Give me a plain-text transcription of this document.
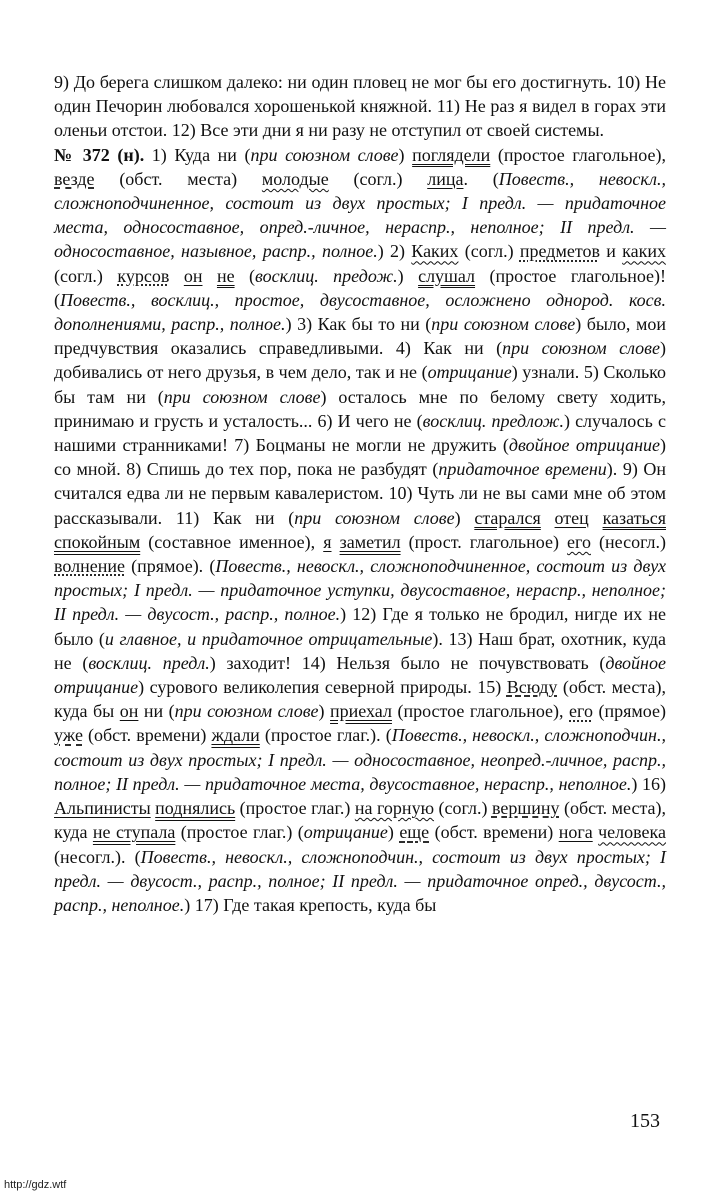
9) До берега слишком далеко: ни один пловец не мог бы его достигнуть. 10) Не один Печорин любовался хорошенькой княжной. 11) Не раз я видел в горах эти оленьи отстои. 12) Все эти дни я ни разу не отступил от своей системы.

№ 372 (н). 1) Куда ни (при союзном слове) поглядели (простое глагольное), везде (обст. места) молодые (согл.) лица. (Повеств., невоскл., сложноподчиненное, состоит из двух простых; I предл. — придаточное места, односоставное, опред.-личное, нераспр., неполное; II предл. — односоставное, назывное, распр., полное.) 2) Каких (согл.) предметов и каких (согл.) курсов он не (восклиц. предож.) слушал (простое глагольное)! (Повеств., восклиц., простое, двусоставное, осложнено однород. косв. дополнениями, распр., полное.) 3) Как бы то ни (при союзном слове) было, мои предчувствия оказались справедливыми. 4) Как ни (при союзном слове) добивались от него друзья, в чем дело, так и не (отрицание) узнали. 5) Сколько бы там ни (при союзном слове) осталось мне по белому свету ходить, принимаю и грусть и усталость... 6) И чего не (восклиц. предлож.) случалось с нашими странниками! 7) Боцманы не могли не дружить (двойное отрицание) со мной. 8) Спишь до тех пор, пока не разбудят (придаточное времени). 9) Он считался едва ли не первым кавалеристом. 10) Чуть ли не вы сами мне об этом рассказывали. 11) Как ни (при союзном слове) старался отец казаться спокойным (составное именное), я заметил (прост. глагольное) его (несогл.) волнение (прямое). (Повеств., невоскл., сложноподчиненное, состоит из двух простых; I предл. — придаточное уступки, двусоставное, нераспр., неполное; II предл. — двусост., распр., полное.) 12) Где я только не бродил, нигде их не было (и главное, и придаточное отрицательные). 13) Наш брат, охотник, куда не (восклиц. предл.) заходит! 14) Нельзя было не почувствовать (двойное отрицание) сурового великолепия северной природы. 15) Всюду (обст. места), куда бы он ни (при союзном слове) приехал (простое глагольное), его (прямое) уже (обст. времени) ждали (простое глаг.). (Повеств., невоскл., сложноподчин., состоит из двух простых; I предл. — односоставное, неопред.-личное, распр., полное; II предл. — придаточное места, двусоставное, нераспр., неполное.) 16) Альпинисты поднялись (простое глаг.) на горную (согл.) вершину (обст. места), куда не ступала (простое глаг.) (отрицание) еще (обст. времени) нога человека (несогл.). (Повеств., невоскл., сложноподчин., состоит из двух простых; I предл. — двусост., распр., полное; II предл. — придаточное опред., двусост., распр., неполное.) 17) Где такая крепость, куда бы

153
http://gdz.wtf
